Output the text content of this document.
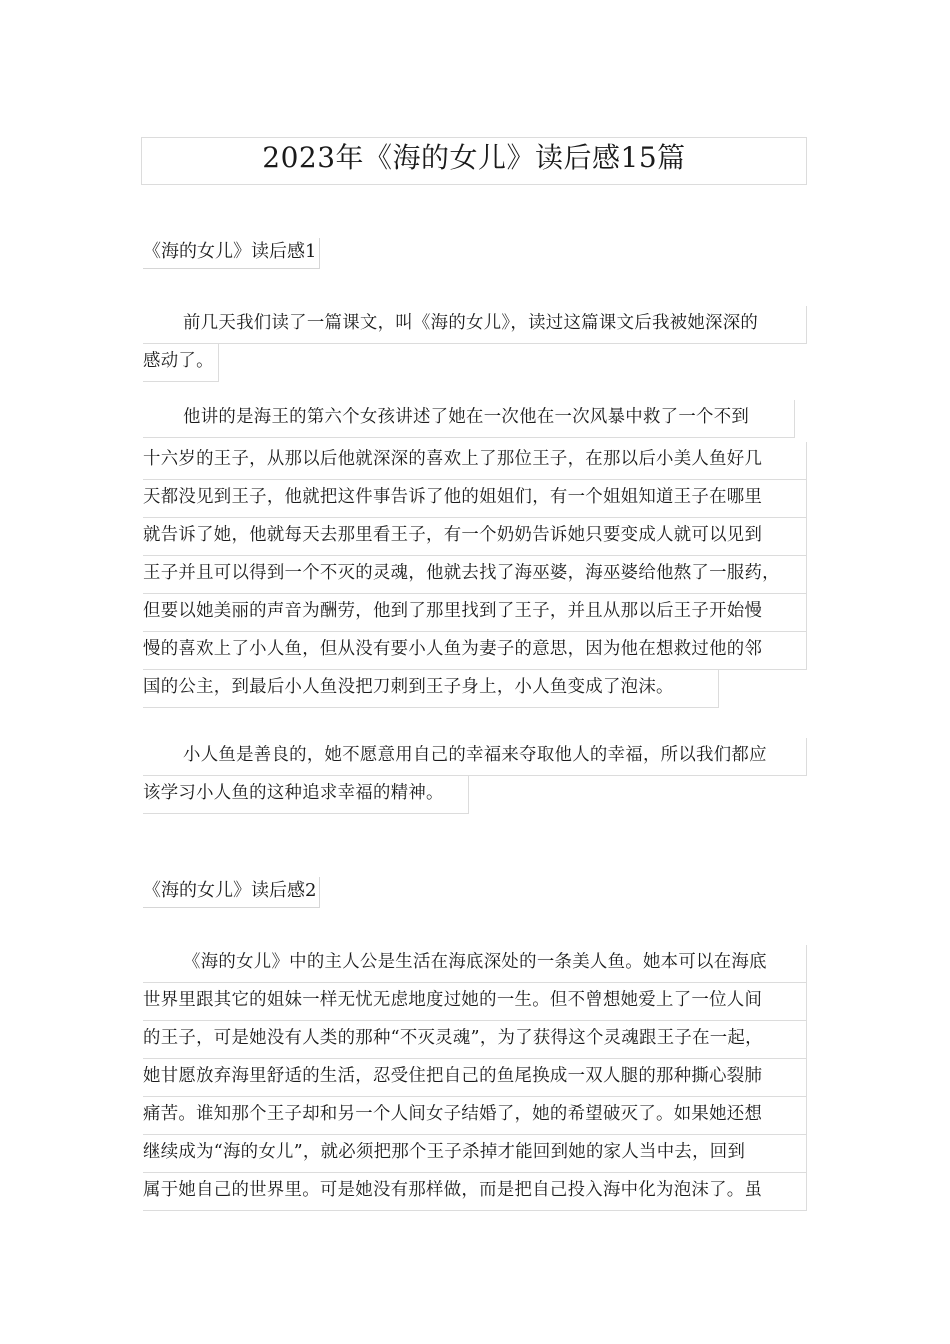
2023年《海的女儿》读后感15篇
《海的女儿》读后感1
前几天我们读了一篇课文，叫《海的女儿》，读过这篇课文后我被她深深的
感动了。
他讲的是海王的第六个女孩讲述了她在一次他在一次风暴中救了一个不到
十六岁的王子，从那以后他就深深的喜欢上了那位王子，在那以后小美人鱼好几
天都没见到王子，他就把这件事告诉了他的姐姐们，有一个姐姐知道王子在哪里
就告诉了她，他就每天去那里看王子，有一个奶奶告诉她只要变成人就可以见到
王子并且可以得到一个不灭的灵魂，他就去找了海巫婆，海巫婆给他熬了一服药，
但要以她美丽的声音为酬劳，他到了那里找到了王子，并且从那以后王子开始慢
慢的喜欢上了小人鱼，但从没有要小人鱼为妻子的意思，因为他在想救过他的邻
国的公主，到最后小人鱼没把刀刺到王子身上，小人鱼变成了泡沫。
小人鱼是善良的，她不愿意用自己的幸福来夺取他人的幸福，所以我们都应
该学习小人鱼的这种追求幸福的精神。
《海的女儿》读后感2
《海的女儿》中的主人公是生活在海底深处的一条美人鱼。她本可以在海底
世界里跟其它的姐妹一样无忧无虑地度过她的一生。但不曾想她爱上了一位人间
的王子，可是她没有人类的那种“不灭灵魂”，为了获得这个灵魂跟王子在一起，
她甘愿放弃海里舒适的生活，忍受住把自己的鱼尾换成一双人腿的那种撕心裂肺
痛苦。谁知那个王子却和另一个人间女子结婚了，她的希望破灭了。如果她还想
继续成为“海的女儿”，就必须把那个王子杀掉才能回到她的家人当中去，回到
属于她自己的世界里。可是她没有那样做，而是把自己投入海中化为泡沫了。虽
